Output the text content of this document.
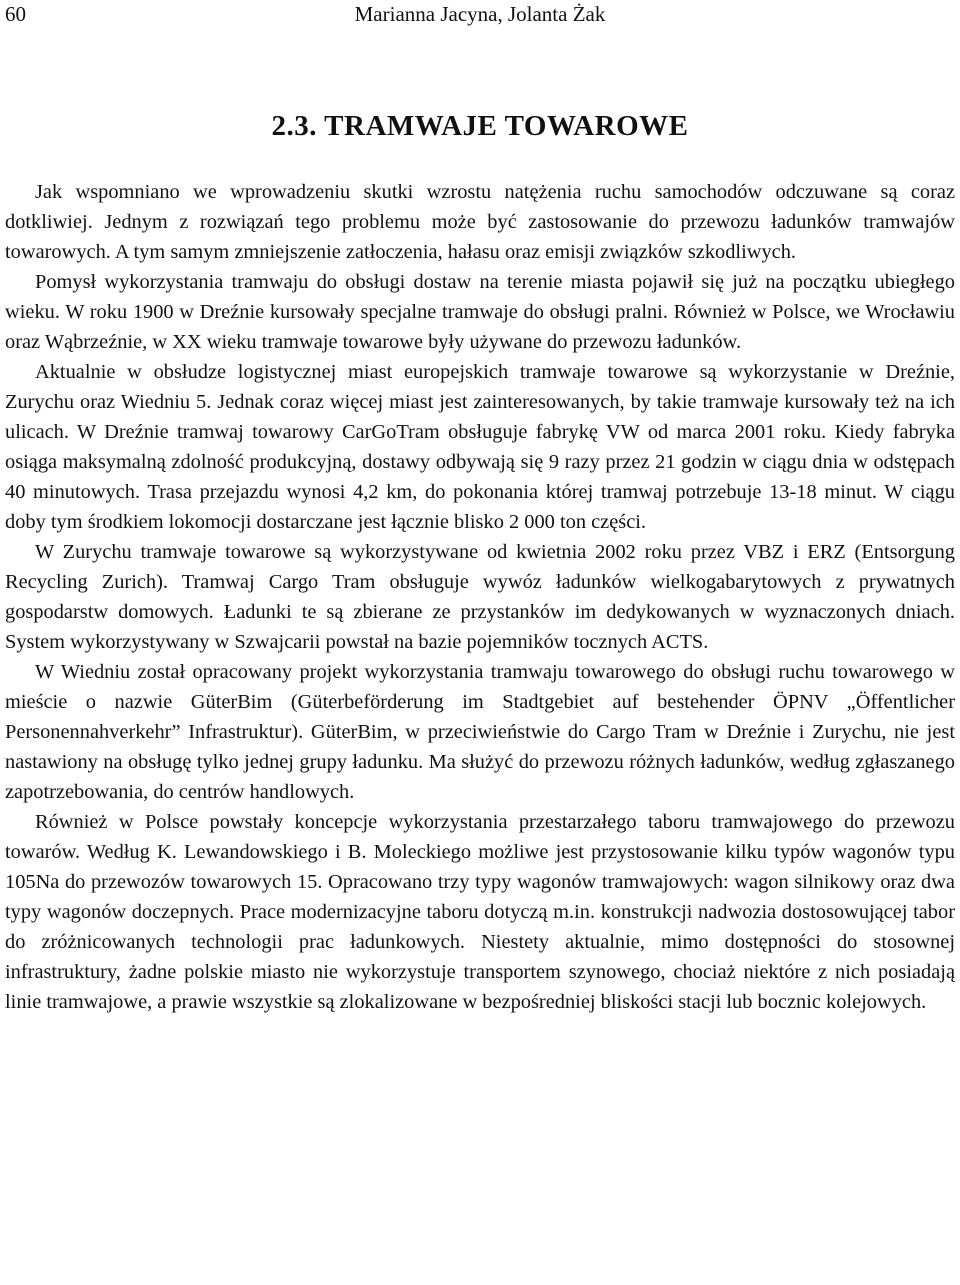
60	Marianna Jacyna, Jolanta Żak
2.3. TRAMWAJE TOWAROWE

Jak wspomniano we wprowadzeniu skutki wzrostu natężenia ruchu samochodów odczuwane są coraz dotkliwiej. Jednym z rozwiązań tego problemu może być zastosowanie do przewozu ładunków tramwajów towarowych. A tym samym zmniejszenie zatłoczenia, hałasu oraz emisji związków szkodliwych.

Pomysł wykorzystania tramwaju do obsługi dostaw na terenie miasta pojawił się już na początku ubiegłego wieku. W roku 1900 w Dreźnie kursowały specjalne tramwaje do obsługi pralni. Również w Polsce, we Wrocławiu oraz Wąbrzeźnie, w XX wieku tramwaje towarowe były używane do przewozu ładunków.

Aktualnie w obsłudze logistycznej miast europejskich tramwaje towarowe są wykorzystanie w Dreźnie, Zurychu oraz Wiedniu 5. Jednak coraz więcej miast jest zainteresowanych, by takie tramwaje kursowały też na ich ulicach. W Dreźnie tramwaj towarowy CarGoTram obsługuje fabrykę VW od marca 2001 roku. Kiedy fabryka osiąga maksymalną zdolność produkcyjną, dostawy odbywają się 9 razy przez 21 godzin w ciągu dnia w odstępach 40 minutowych. Trasa przejazdu wynosi 4,2 km, do pokonania której tramwaj potrzebuje 13-18 minut. W ciągu doby tym środkiem lokomocji dostarczane jest łącznie blisko 2 000 ton części.

W Zurychu tramwaje towarowe są wykorzystywane od kwietnia 2002 roku przez VBZ i ERZ (Entsorgung Recycling Zurich). Tramwaj Cargo Tram obsługuje wywóz ładunków wielkogabarytowych z prywatnych gospodarstw domowych. Ładunki te są zbierane ze przystanków im dedykowanych w wyznaczonych dniach. System wykorzystywany w Szwajcarii powstał na bazie pojemników tocznych ACTS.

W Wiedniu został opracowany projekt wykorzystania tramwaju towarowego do obsługi ruchu towarowego w mieście o nazwie GüterBim (Güterbeförderung im Stadtgebiet auf bestehender ÖPNV „Öffentlicher Personennahverkehr” Infrastruktur). GüterBim, w przeciwieństwie do Cargo Tram w Dreźnie i Zurychu, nie jest nastawiony na obsługę tylko jednej grupy ładunku. Ma służyć do przewozu różnych ładunków, według zgłaszanego zapotrzebowania, do centrów handlowych.

Również w Polsce powstały koncepcje wykorzystania przestarzałego taboru tramwajowego do przewozu towarów. Według K. Lewandowskiego i B. Moleckiego możliwe jest przystosowanie kilku typów wagonów typu 105Na do przewozów towarowych 15. Opracowano trzy typy wagonów tramwajowych: wagon silnikowy oraz dwa typy wagonów doczepnych. Prace modernizacyjne taboru dotyczą m.in. konstrukcji nadwozia dostosowującej tabor do zróżnicowanych technologii prac ładunkowych. Niestety aktualnie, mimo dostępności do stosownej infrastruktury, żadne polskie miasto nie wykorzystuje transportem szynowego, chociaż niektóre z nich posiadają linie tramwajowe, a prawie wszystkie są zlokalizowane w bezpośredniej bliskości stacji lub bocznic kolejowych.
